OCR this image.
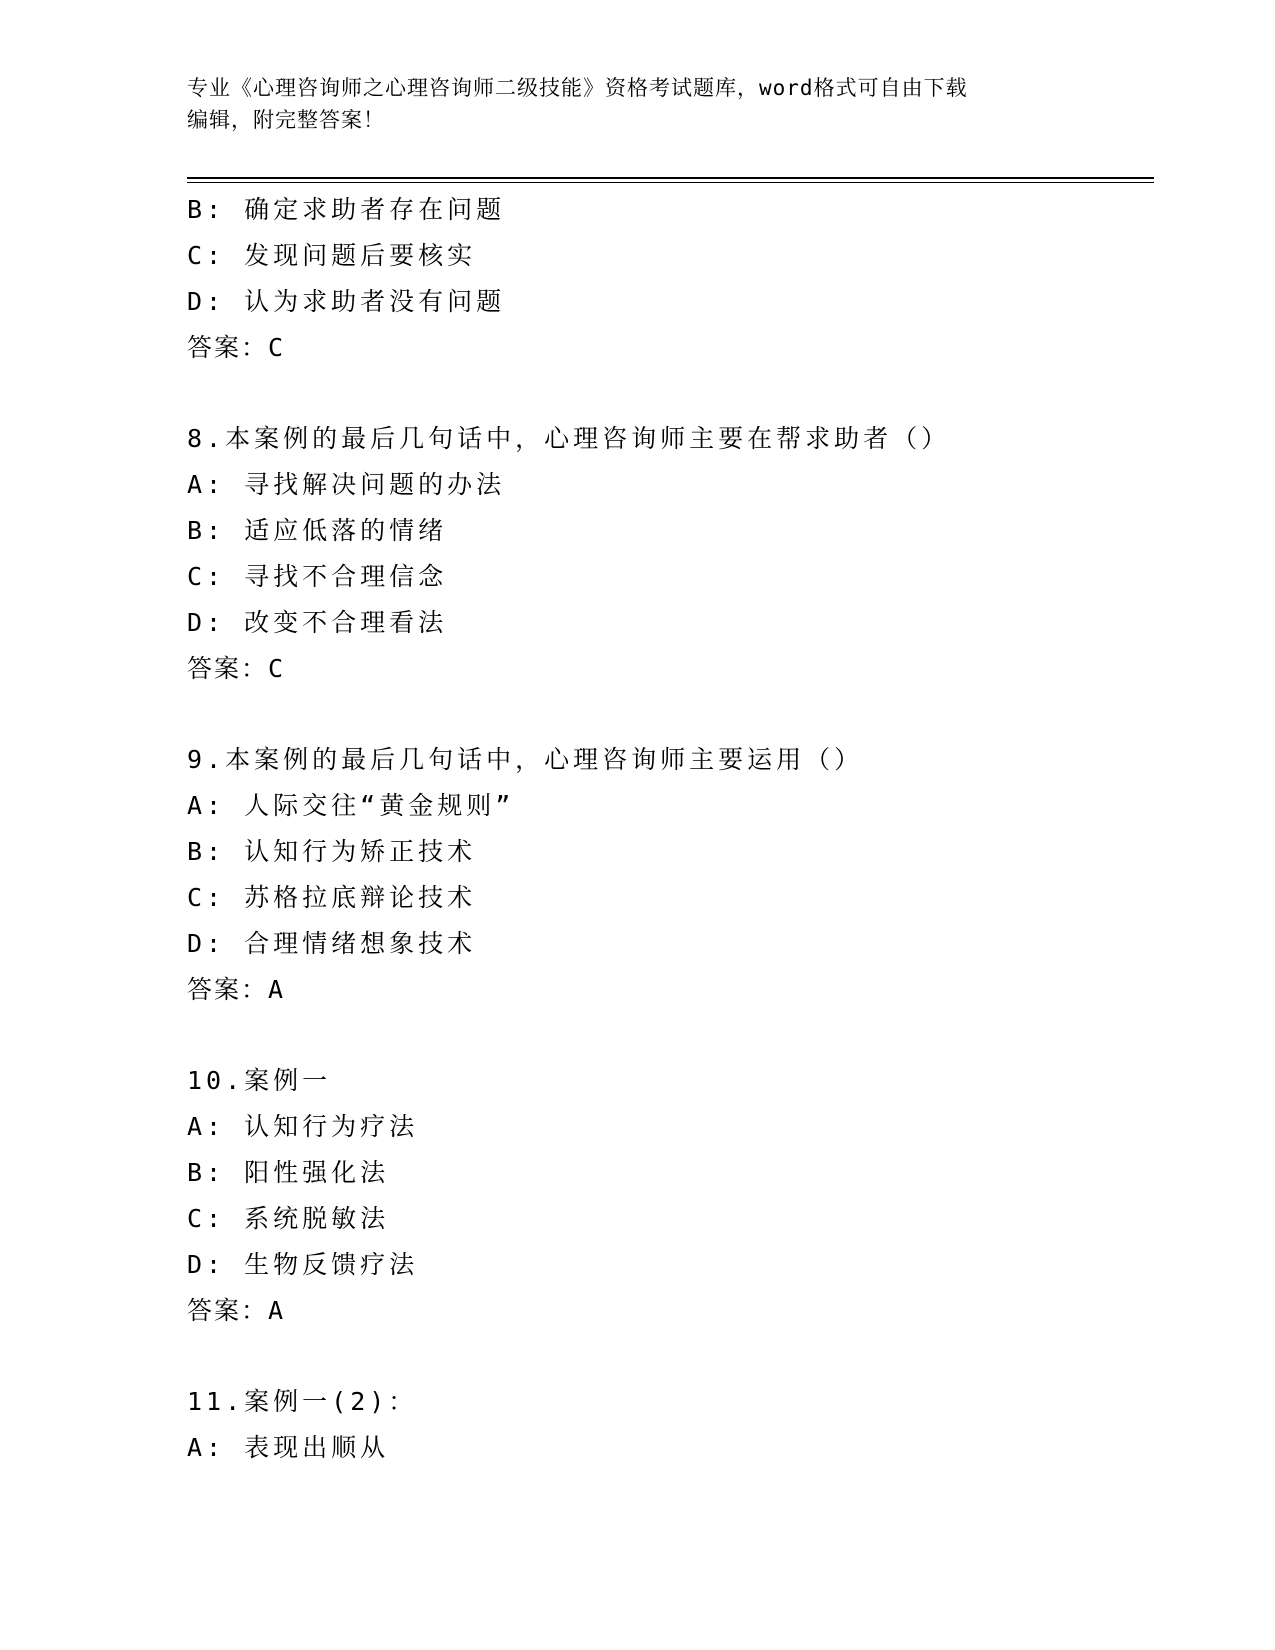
专业《心理咨询师之心理咨询师二级技能》资格考试题库，word格式可自由下载
编辑，附完整答案！
B: 确定求助者存在问题
C: 发现问题后要核实
D: 认为求助者没有问题
答案：C
8.本案例的最后几句话中，心理咨询师主要在帮求助者（）
A: 寻找解决问题的办法
B: 适应低落的情绪
C: 寻找不合理信念
D: 改变不合理看法
答案：C
9.本案例的最后几句话中，心理咨询师主要运用（）
A: 人际交往“黄金规则”
B: 认知行为矫正技术
C: 苏格拉底辩论技术
D: 合理情绪想象技术
答案：A
10.案例一
A: 认知行为疗法
B: 阳性强化法
C: 系统脱敏法
D: 生物反馈疗法
答案：A
11.案例一(2)：
A: 表现出顺从
